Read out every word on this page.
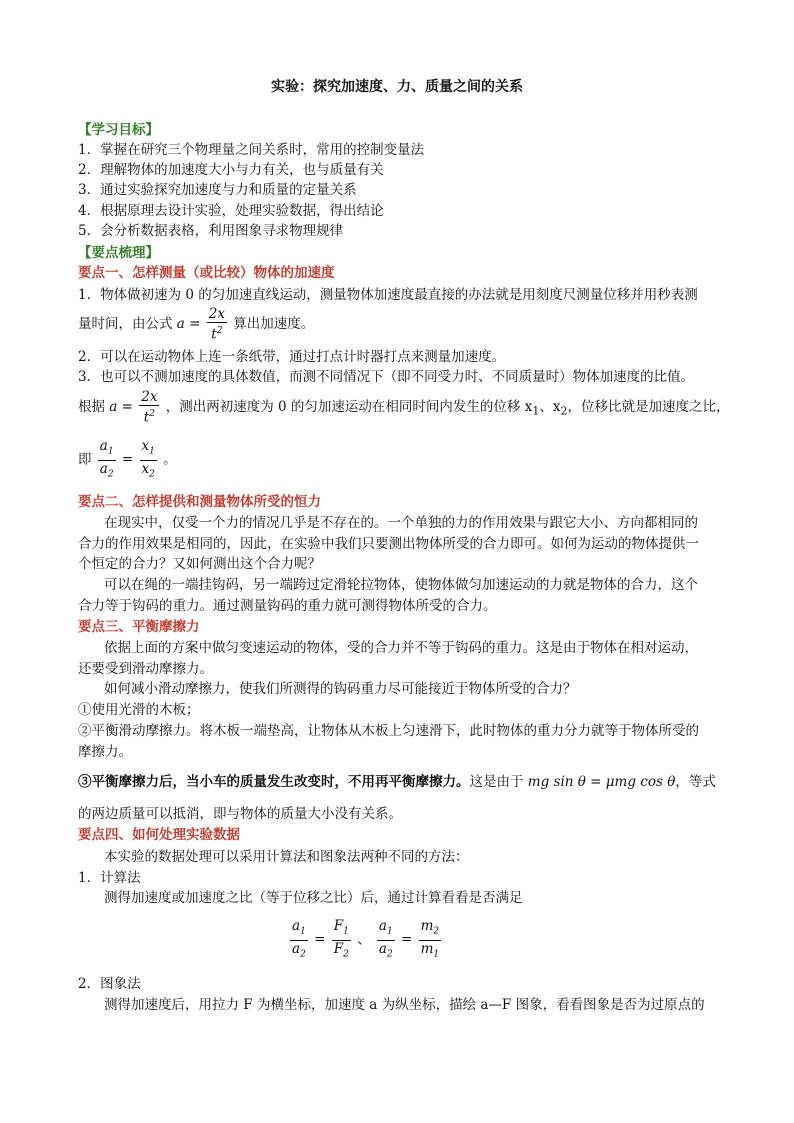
实验：探究加速度、力、质量之间的关系
【学习目标】
1．掌握在研究三个物理量之间关系时，常用的控制变量法
2．理解物体的加速度大小与力有关，也与质量有关
3．通过实验探究加速度与力和质量的定量关系
4．根据原理去设计实验，处理实验数据，得出结论
5．会分析数据表格，利用图象寻求物理规律
【要点梳理】
要点一、怎样测量（或比较）物体的加速度
1．物体做初速为 0 的匀加速直线运动，测量物体加速度最直接的办法就是用刻度尺测量位移并用秒表测
量时间，由公式 $a = \frac{2x}{t^2}$ 算出加速度。
2．可以在运动物体上连一条纸带，通过打点计时器打点来测量加速度。
3．也可以不测加速度的具体数值，而测不同情况下（即不同受力时、不同质量时）物体加速度的比值。
根据 $a = \frac{2x}{t^2}$ ，测出两初速度为 0 的匀加速运动在相同时间内发生的位移 $x_1$、$x_2$，位移比就是加速度之比，
即 $\frac{a_1}{a_2} = \frac{x_1}{x_2}$ 。
要点二、怎样提供和测量物体所受的恒力
在现实中，仅受一个力的情况几乎是不存在的。一个单独的力的作用效果与跟它大小、方向都相同的
合力的作用效果是相同的，因此，在实验中我们只要测出物体所受的合力即可。如何为运动的物体提供一
个恒定的合力？又如何测出这个合力呢？
可以在绳的一端挂钩码，另一端跨过定滑轮拉物体，使物体做匀加速运动的力就是物体的合力，这个
合力等于钩码的重力。通过测量钩码的重力就可测得物体所受的合力。
要点三、平衡摩擦力
依据上面的方案中做匀变速运动的物体，受的合力并不等于钩码的重力。这是由于物体在相对运动，
还要受到滑动摩擦力。
如何减小滑动摩擦力，使我们所测得的钩码重力尽可能接近于物体所受的合力？
①使用光滑的木板；
②平衡滑动摩擦力。将木板一端垫高，让物体从木板上匀速滑下，此时物体的重力分力就等于物体所受的
摩擦力。
③平衡摩擦力后，当小车的质量发生改变时，不用再平衡摩擦力。这是由于 mg sin θ = μmg cos θ，等式
的两边质量可以抵消，即与物体的质量大小没有关系。
要点四、如何处理实验数据
本实验的数据处理可以采用计算法和图象法两种不同的方法：
1．计算法
测得加速度或加速度之比（等于位移之比）后，通过计算看看是否满足
$\frac{a_1}{a_2} = \frac{F_1}{F_2}$ 、 $\frac{a_1}{a_2} = \frac{m_2}{m_1}$
2．图象法
测得加速度后，用拉力 F 为横坐标，加速度 a 为纵坐标，描绘 a—F 图象，看看图象是否为过原点的
